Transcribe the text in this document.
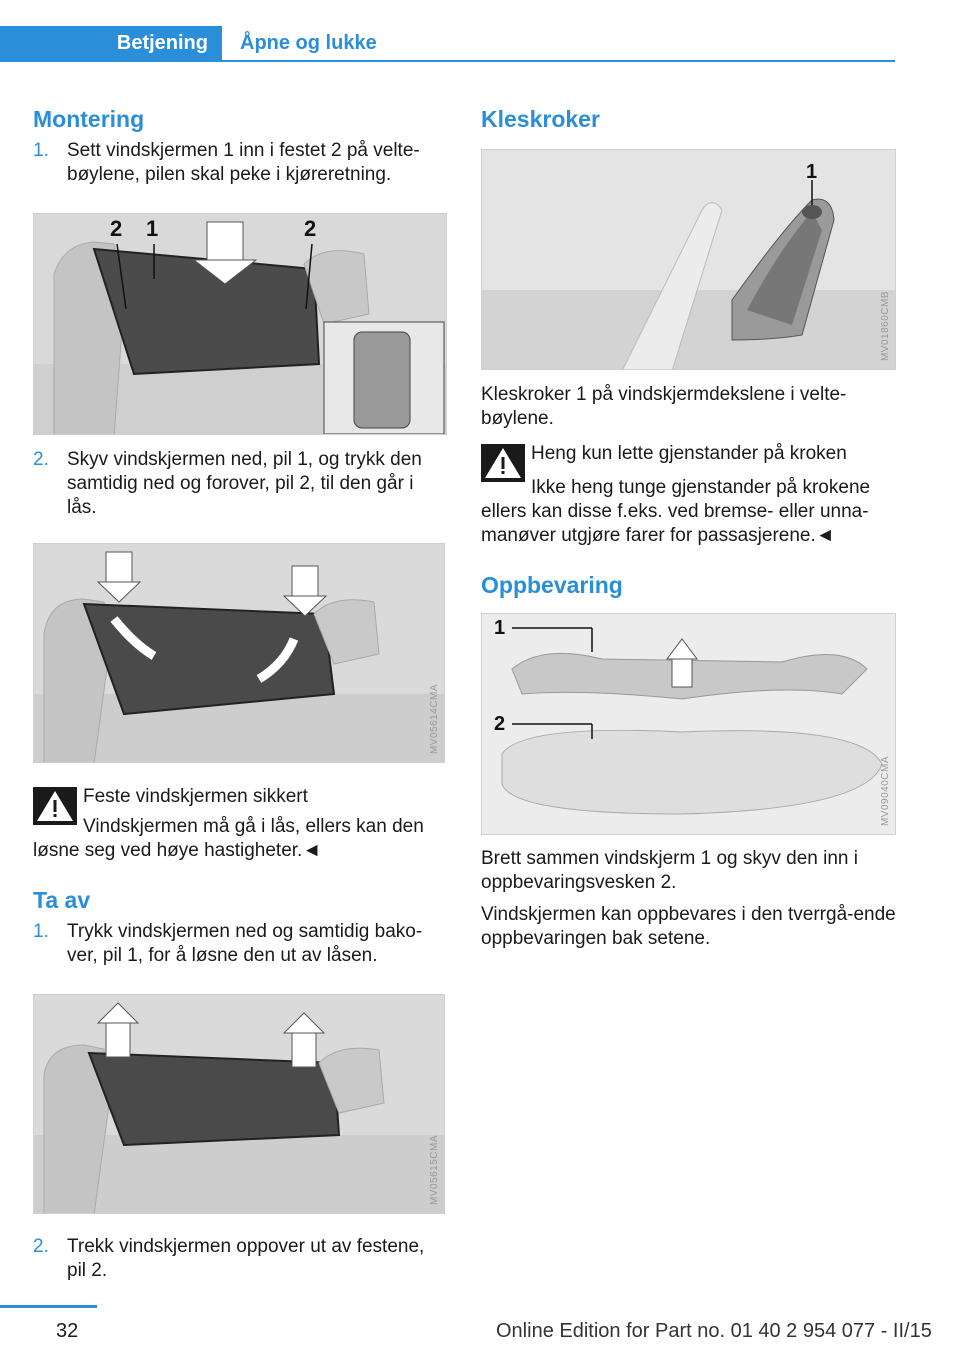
Betjening	Åpne og lukke
Montering
1. Sett vindskjermen 1 inn i festet 2 på velte-bøylene, pilen skal peke i kjøreretning.
2 1	2
2. Skyv vindskjermen ned, pil 1, og trykk den samtidig ned og forover, pil 2, til den går i lås.
MV05614CMA
Feste vindskjermen sikkert
Vindskjermen må gå i lås, ellers kan den løsne seg ved høye hastigheter.◄
Ta av
1. Trykk vindskjermen ned og samtidig bako-ver, pil 1, for å løsne den ut av låsen.
MV05615CMA
2. Trekk vindskjermen oppover ut av festene, pil 2.
Kleskroker
1
MV01860CMB

Kleskroker 1 på vindskjermdekslene i velte-bøylene.

Heng kun lette gjenstander på kroken
Ikke heng tunge gjenstander på krokene ellers kan disse f.eks. ved bremse- eller unna-manøver utgjøre farer for passasjerene.◄
Oppbevaring
1
2
MV09040CMA

Brett sammen vindskjerm 1 og skyv den inn i oppbevaringsvesken 2.

Vindskjermen kan oppbevares i den tverrgå-ende oppbevaringen bak setene.

32	Online Edition for Part no. 01 40 2 954 077 - II/15
